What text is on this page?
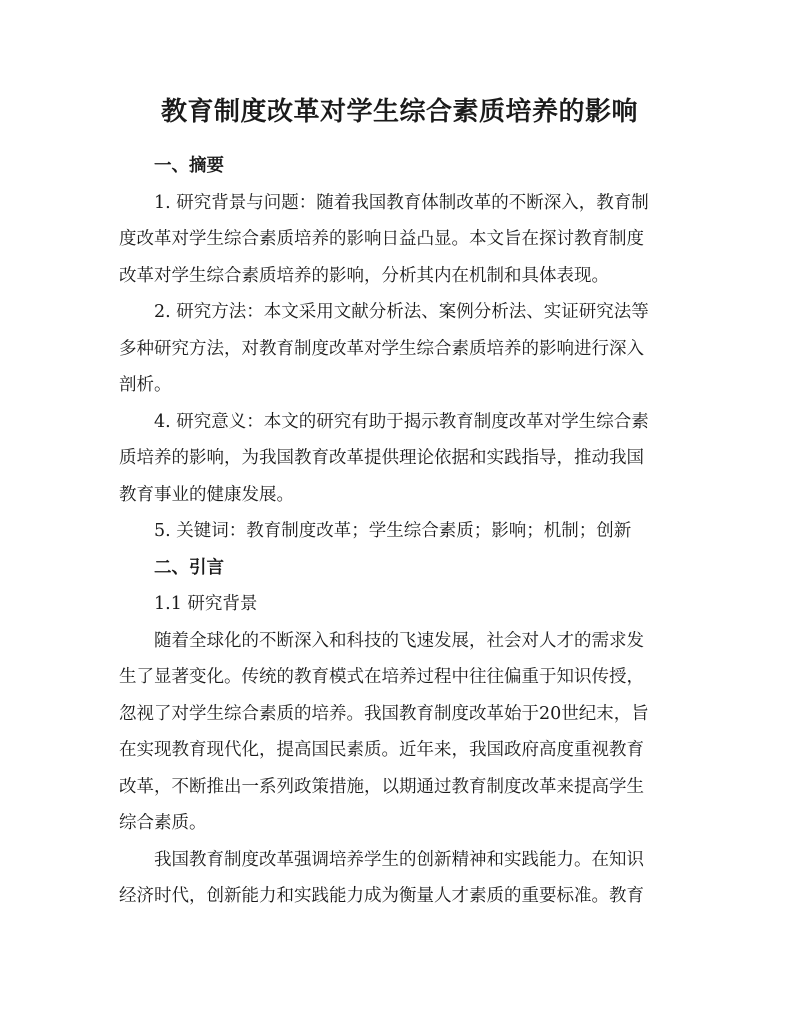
教育制度改革对学生综合素质培养的影响
一、摘要
1. 研究背景与问题：随着我国教育体制改革的不断深入，教育制
度改革对学生综合素质培养的影响日益凸显。本文旨在探讨教育制度
改革对学生综合素质培养的影响，分析其内在机制和具体表现。
2. 研究方法：本文采用文献分析法、案例分析法、实证研究法等
多种研究方法，对教育制度改革对学生综合素质培养的影响进行深入
剖析。
4. 研究意义：本文的研究有助于揭示教育制度改革对学生综合素
质培养的影响，为我国教育改革提供理论依据和实践指导，推动我国
教育事业的健康发展。
5. 关键词：教育制度改革；学生综合素质；影响；机制；创新
二、引言
1.1 研究背景
随着全球化的不断深入和科技的飞速发展，社会对人才的需求发
生了显著变化。传统的教育模式在培养过程中往往偏重于知识传授，
忽视了对学生综合素质的培养。我国教育制度改革始于20世纪末，旨
在实现教育现代化，提高国民素质。近年来，我国政府高度重视教育
改革，不断推出一系列政策措施，以期通过教育制度改革来提高学生
综合素质。
我国教育制度改革强调培养学生的创新精神和实践能力。在知识
经济时代，创新能力和实践能力成为衡量人才素质的重要标准。教育
